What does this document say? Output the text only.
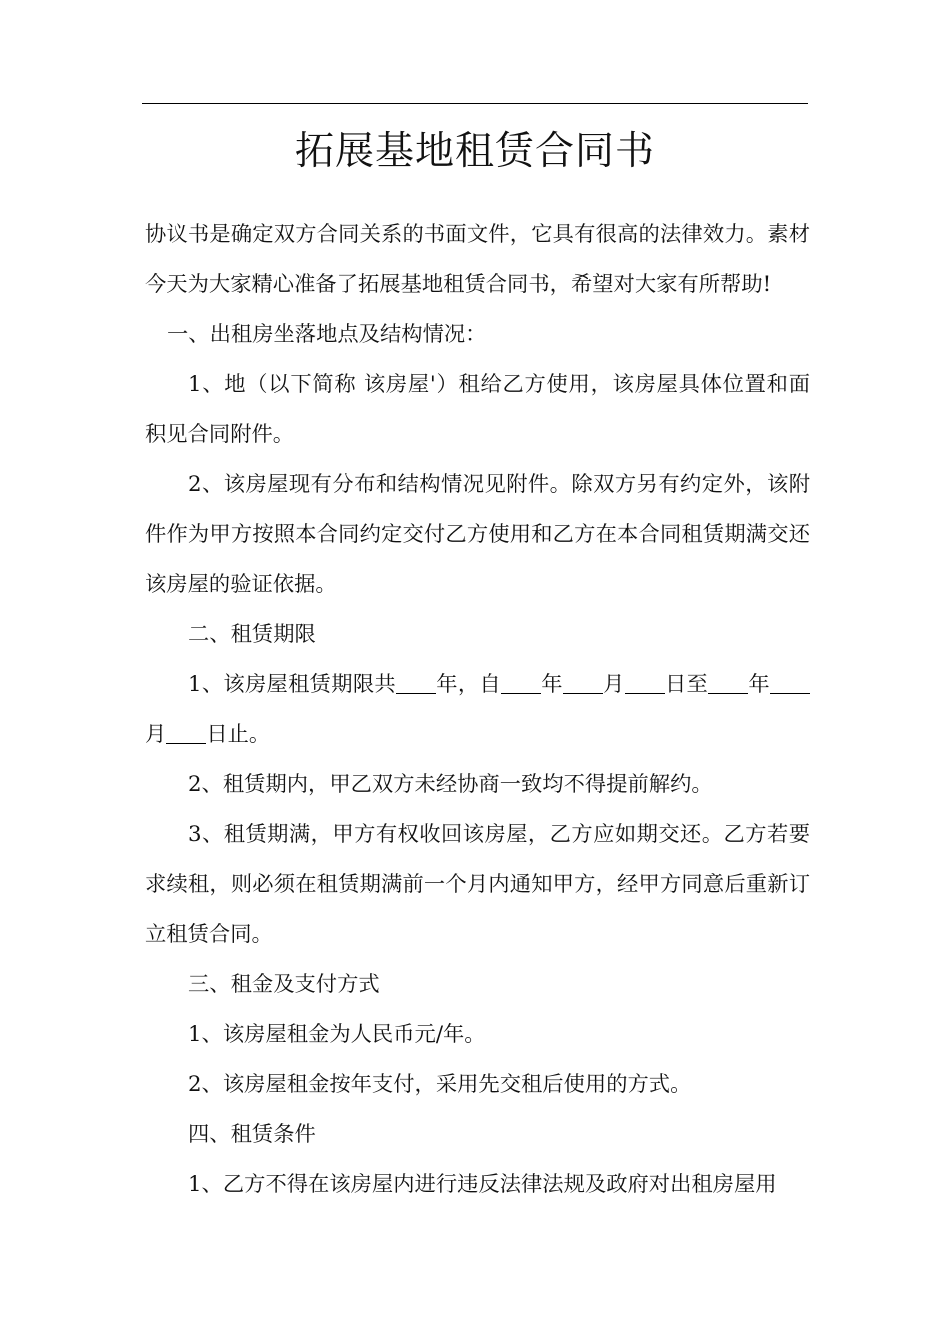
拓展基地租赁合同书

协议书是确定双方合同关系的书面文件，它具有很高的法律效力。素材今天为大家精心准备了拓展基地租赁合同书，希望对大家有所帮助!

一、出租房坐落地点及结构情况：

1、地（以下简称 该房屋'）租给乙方使用，该房屋具体位置和面积见合同附件。

2、该房屋现有分布和结构情况见附件。除双方另有约定外，该附件作为甲方按照本合同约定交付乙方使用和乙方在本合同租赁期满交还该房屋的验证依据。

二、租赁期限

1、该房屋租赁期限共 年，自 年 月 日至 年月 日止。

2、租赁期内，甲乙双方未经协商一致均不得提前解约。

3、租赁期满，甲方有权收回该房屋，乙方应如期交还。乙方若要求续租，则必须在租赁期满前一个月内通知甲方，经甲方同意后重新订立租赁合同。

三、租金及支付方式

1、该房屋租金为人民币元/年。

2、该房屋租金按年支付，采用先交租后使用的方式。

四、租赁条件

1、乙方不得在该房屋内进行违反法律法规及政府对出租房屋用
